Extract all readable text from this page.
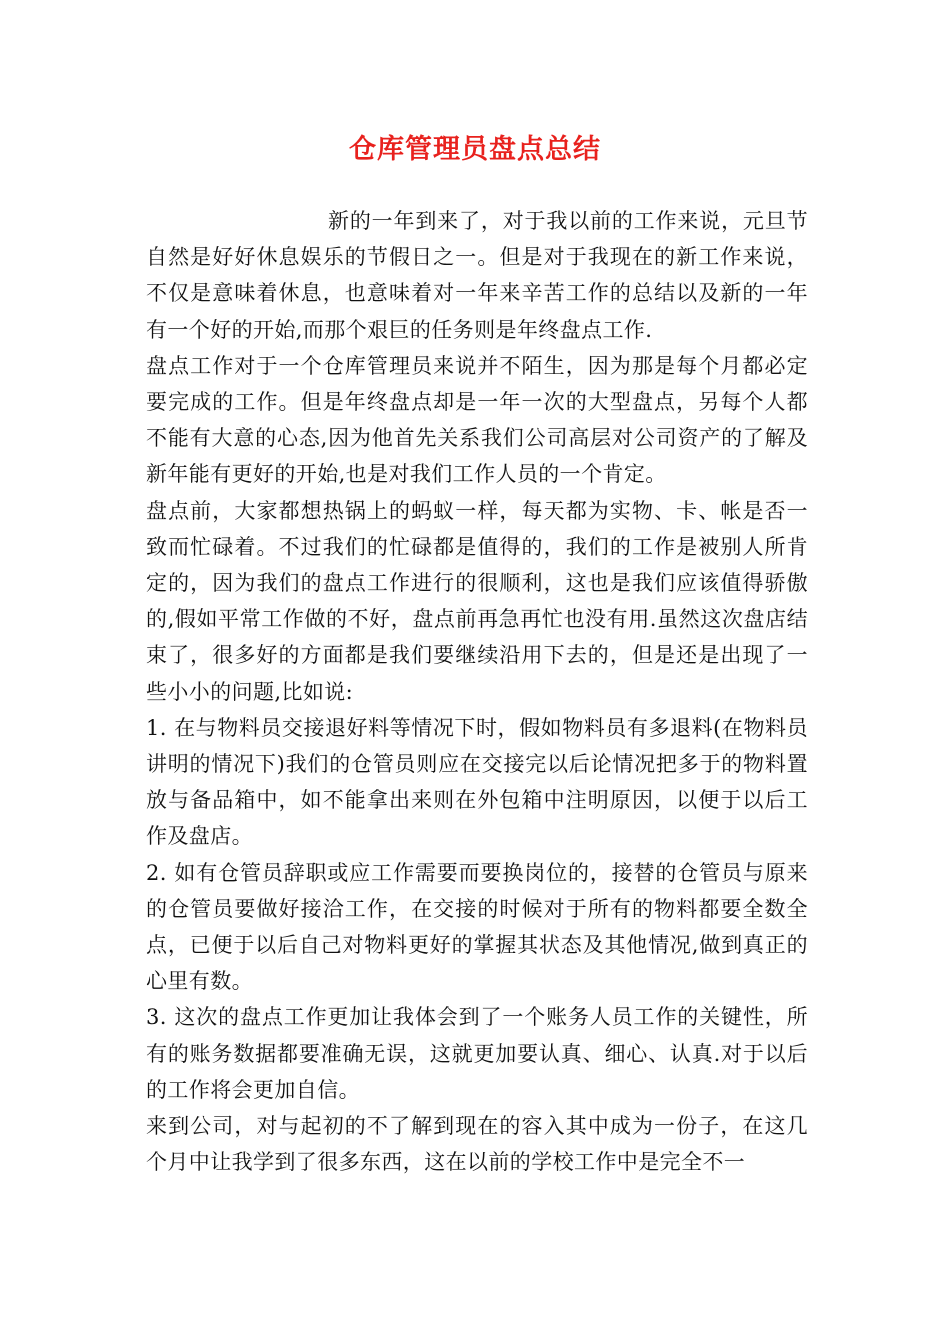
仓库管理员盘点总结

新的一年到来了，对于我以前的工作来说，元旦节自然是好好休息娱乐的节假日之一。但是对于我现在的新工作来说，不仅是意味着休息，也意味着对一年来辛苦工作的总结以及新的一年有一个好的开始,而那个艰巨的任务则是年终盘点工作.

盘点工作对于一个仓库管理员来说并不陌生，因为那是每个月都必定要完成的工作。但是年终盘点却是一年一次的大型盘点，另每个人都不能有大意的心态,因为他首先关系我们公司高层对公司资产的了解及新年能有更好的开始,也是对我们工作人员的一个肯定。

盘点前，大家都想热锅上的蚂蚁一样，每天都为实物、卡、帐是否一致而忙碌着。不过我们的忙碌都是值得的，我们的工作是被别人所肯定的，因为我们的盘点工作进行的很顺利，这也是我们应该值得骄傲的,假如平常工作做的不好，盘点前再急再忙也没有用.虽然这次盘店结束了，很多好的方面都是我们要继续沿用下去的，但是还是出现了一些小小的问题,比如说:

1. 在与物料员交接退好料等情况下时，假如物料员有多退料(在物料员讲明的情况下)我们的仓管员则应在交接完以后论情况把多于的物料置放与备品箱中，如不能拿出来则在外包箱中注明原因，以便于以后工作及盘店。

2. 如有仓管员辞职或应工作需要而要换岗位的，接替的仓管员与原来的仓管员要做好接洽工作，在交接的时候对于所有的物料都要全数全点，已便于以后自己对物料更好的掌握其状态及其他情况,做到真正的心里有数。

3. 这次的盘点工作更加让我体会到了一个账务人员工作的关键性，所有的账务数据都要准确无误，这就更加要认真、细心、认真.对于以后的工作将会更加自信。

来到公司，对与起初的不了解到现在的容入其中成为一份子，在这几个月中让我学到了很多东西，这在以前的学校工作中是完全不一
